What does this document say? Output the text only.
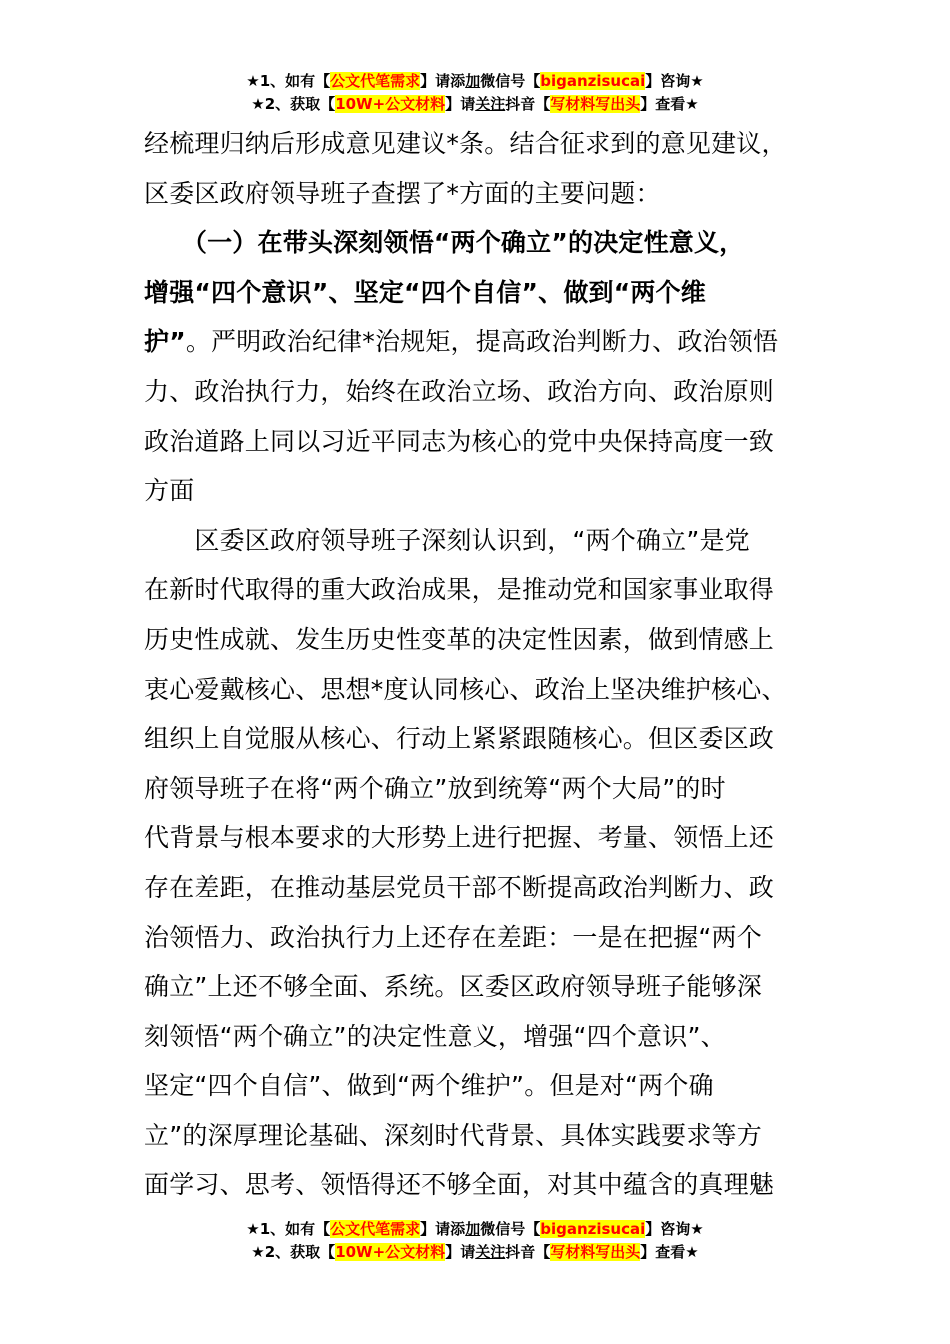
★1、如有【公文代笔需求】请添加微信号【biganzisucai】咨询★
★2、获取【10W+公文材料】请关注抖音【写材料写出头】查看★
经梳理归纳后形成意见建议*条。结合征求到的意见建议，
区委区政府领导班子查摆了*方面的主要问题：
　　（一）在带头深刻领悟“两个确立”的决定性意义，
增强“四个意识”、坚定“四个自信”、做到“两个维
护”。严明政治纪律*治规矩，提高政治判断力、政治领悟
力、政治执行力，始终在政治立场、政治方向、政治原则
政治道路上同以习近平同志为核心的党中央保持高度一致
方面
　　区委区政府领导班子深刻认识到，“两个确立”是党
在新时代取得的重大政治成果，是推动党和国家事业取得
历史性成就、发生历史性变革的决定性因素，做到情感上
衷心爱戴核心、思想*度认同核心、政治上坚决维护核心、
组织上自觉服从核心、行动上紧紧跟随核心。但区委区政
府领导班子在将“两个确立”放到统筹“两个大局”的时
代背景与根本要求的大形势上进行把握、考量、领悟上还
存在差距，在推动基层党员干部不断提高政治判断力、政
治领悟力、政治执行力上还存在差距：一是在把握“两个
确立”上还不够全面、系统。区委区政府领导班子能够深
刻领悟“两个确立”的决定性意义，增强“四个意识”、
坚定“四个自信”、做到“两个维护”。但是对“两个确
立”的深厚理论基础、深刻时代背景、具体实践要求等方
面学习、思考、领悟得还不够全面，对其中蕴含的真理魅
★1、如有【公文代笔需求】请添加微信号【biganzisucai】咨询★
★2、获取【10W+公文材料】请关注抖音【写材料写出头】查看★
